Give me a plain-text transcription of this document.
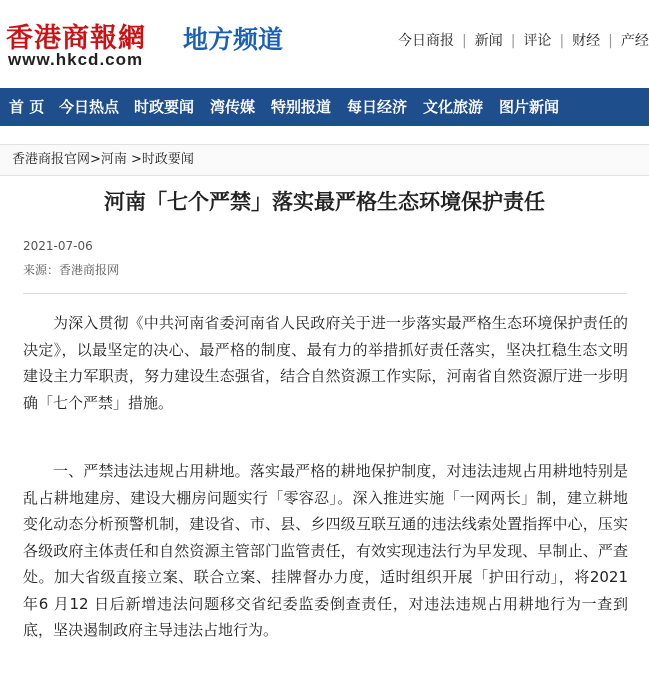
香港商報網
www.hkcd.com
地方频道	今日商报 | 新闻 | 评论 | 财经 | 产经
首 页 今日热点 时政要闻 湾传媒 特别报道 每日经济 文化旅游 图片新闻
香港商报官网>河南 >时政要闻
河南「七个严禁」落实最严格生态环境保护责任
2021-07-06
来源：香港商报网

为深入贯彻《中共河南省委河南省人民政府关于进一步落实最严格生态环境保护责任的决定》，以最坚定的决心、最严格的制度、最有力的举措抓好责任落实，坚决扛稳生态文明建设主力军职责，努力建设生态强省，结合自然资源工作实际，河南省自然资源厅进一步明确「七个严禁」措施。

一、严禁违法违规占用耕地。落实最严格的耕地保护制度，对违法违规占用耕地特别是乱占耕地建房、建设大棚房问题实行「零容忍」。深入推进实施「一网两长」制，建立耕地变化动态分析预警机制，建设省、市、县、乡四级互联互通的违法线索处置指挥中心，压实各级政府主体责任和自然资源主管部门监管责任，有效实现违法行为早发现、早制止、严查处。加大省级直接立案、联合立案、挂牌督办力度，适时组织开展「护田行动」，将2021 年6 月12 日后新增违法问题移交省纪委监委倒查责任，对违法违规占用耕地行为一查到底，坚决遏制政府主导违法占地行为。
